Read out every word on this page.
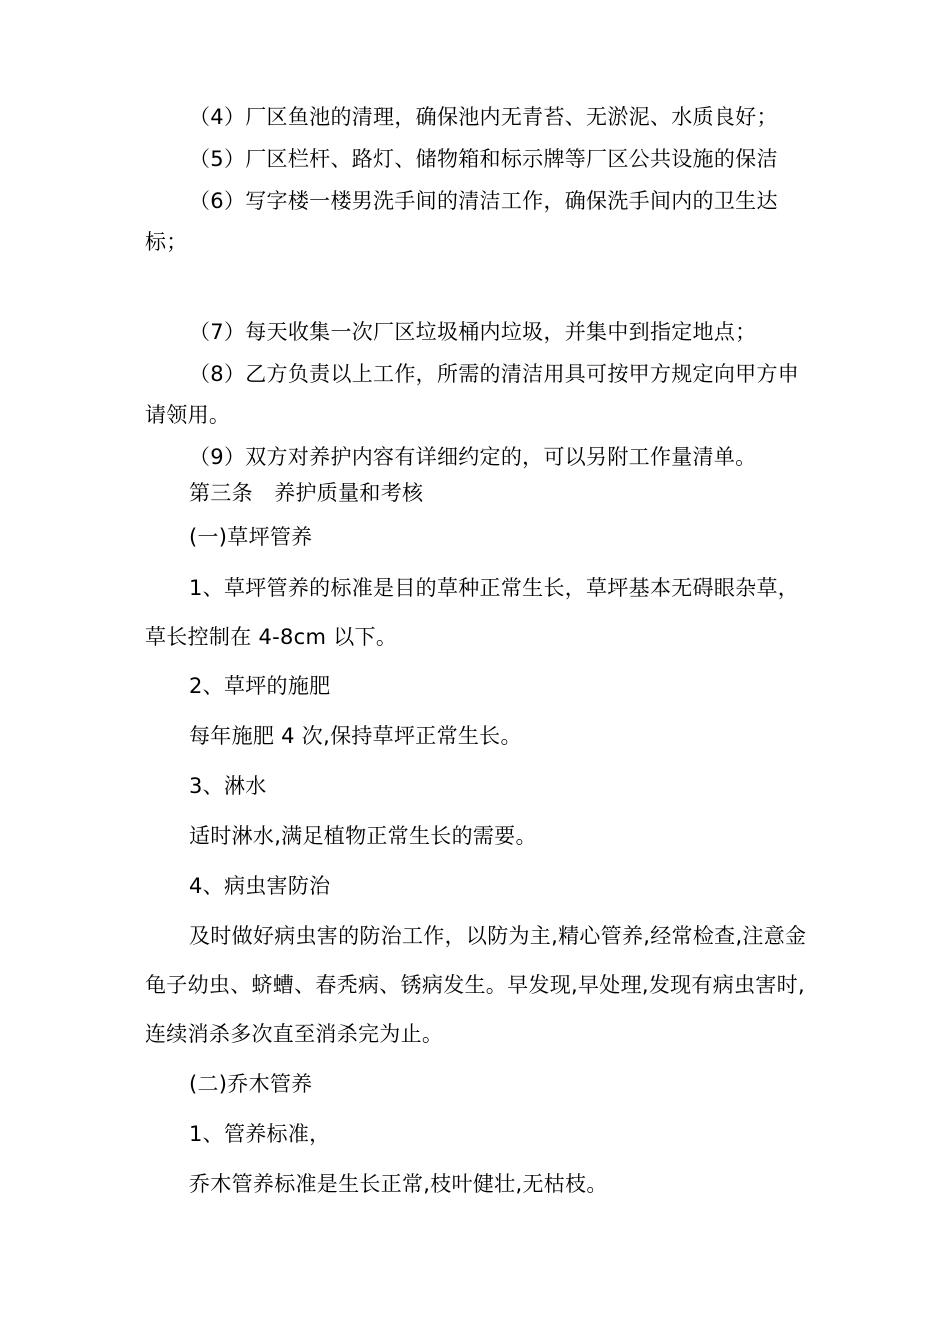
（4）厂区鱼池的清理，确保池内无青苔、无淤泥、水质良好；

（5）厂区栏杆、路灯、储物箱和标示牌等厂区公共设施的保洁

（6）写字楼一楼男洗手间的清洁工作，确保洗手间内的卫生达标；

（7）每天收集一次厂区垃圾桶内垃圾，并集中到指定地点；

（8）乙方负责以上工作，所需的清洁用具可按甲方规定向甲方申请领用。

（9）双方对养护内容有详细约定的，可以另附工作量清单。

第三条　养护质量和考核

(一)草坪管养

1、草坪管养的标准是目的草种正常生长，草坪基本无碍眼杂草，草长控制在 4-8cm 以下。

2、草坪的施肥

每年施肥 4 次,保持草坪正常生长。

3、淋水

适时淋水,满足植物正常生长的需要。

4、病虫害防治

及时做好病虫害的防治工作，以防为主,精心管养,经常检查,注意金龟子幼虫、蛴螬、春秃病、锈病发生。早发现,早处理,发现有病虫害时,连续消杀多次直至消杀完为止。

(二)乔木管养

1、管养标准，

乔木管养标准是生长正常,枝叶健壮,无枯枝。
